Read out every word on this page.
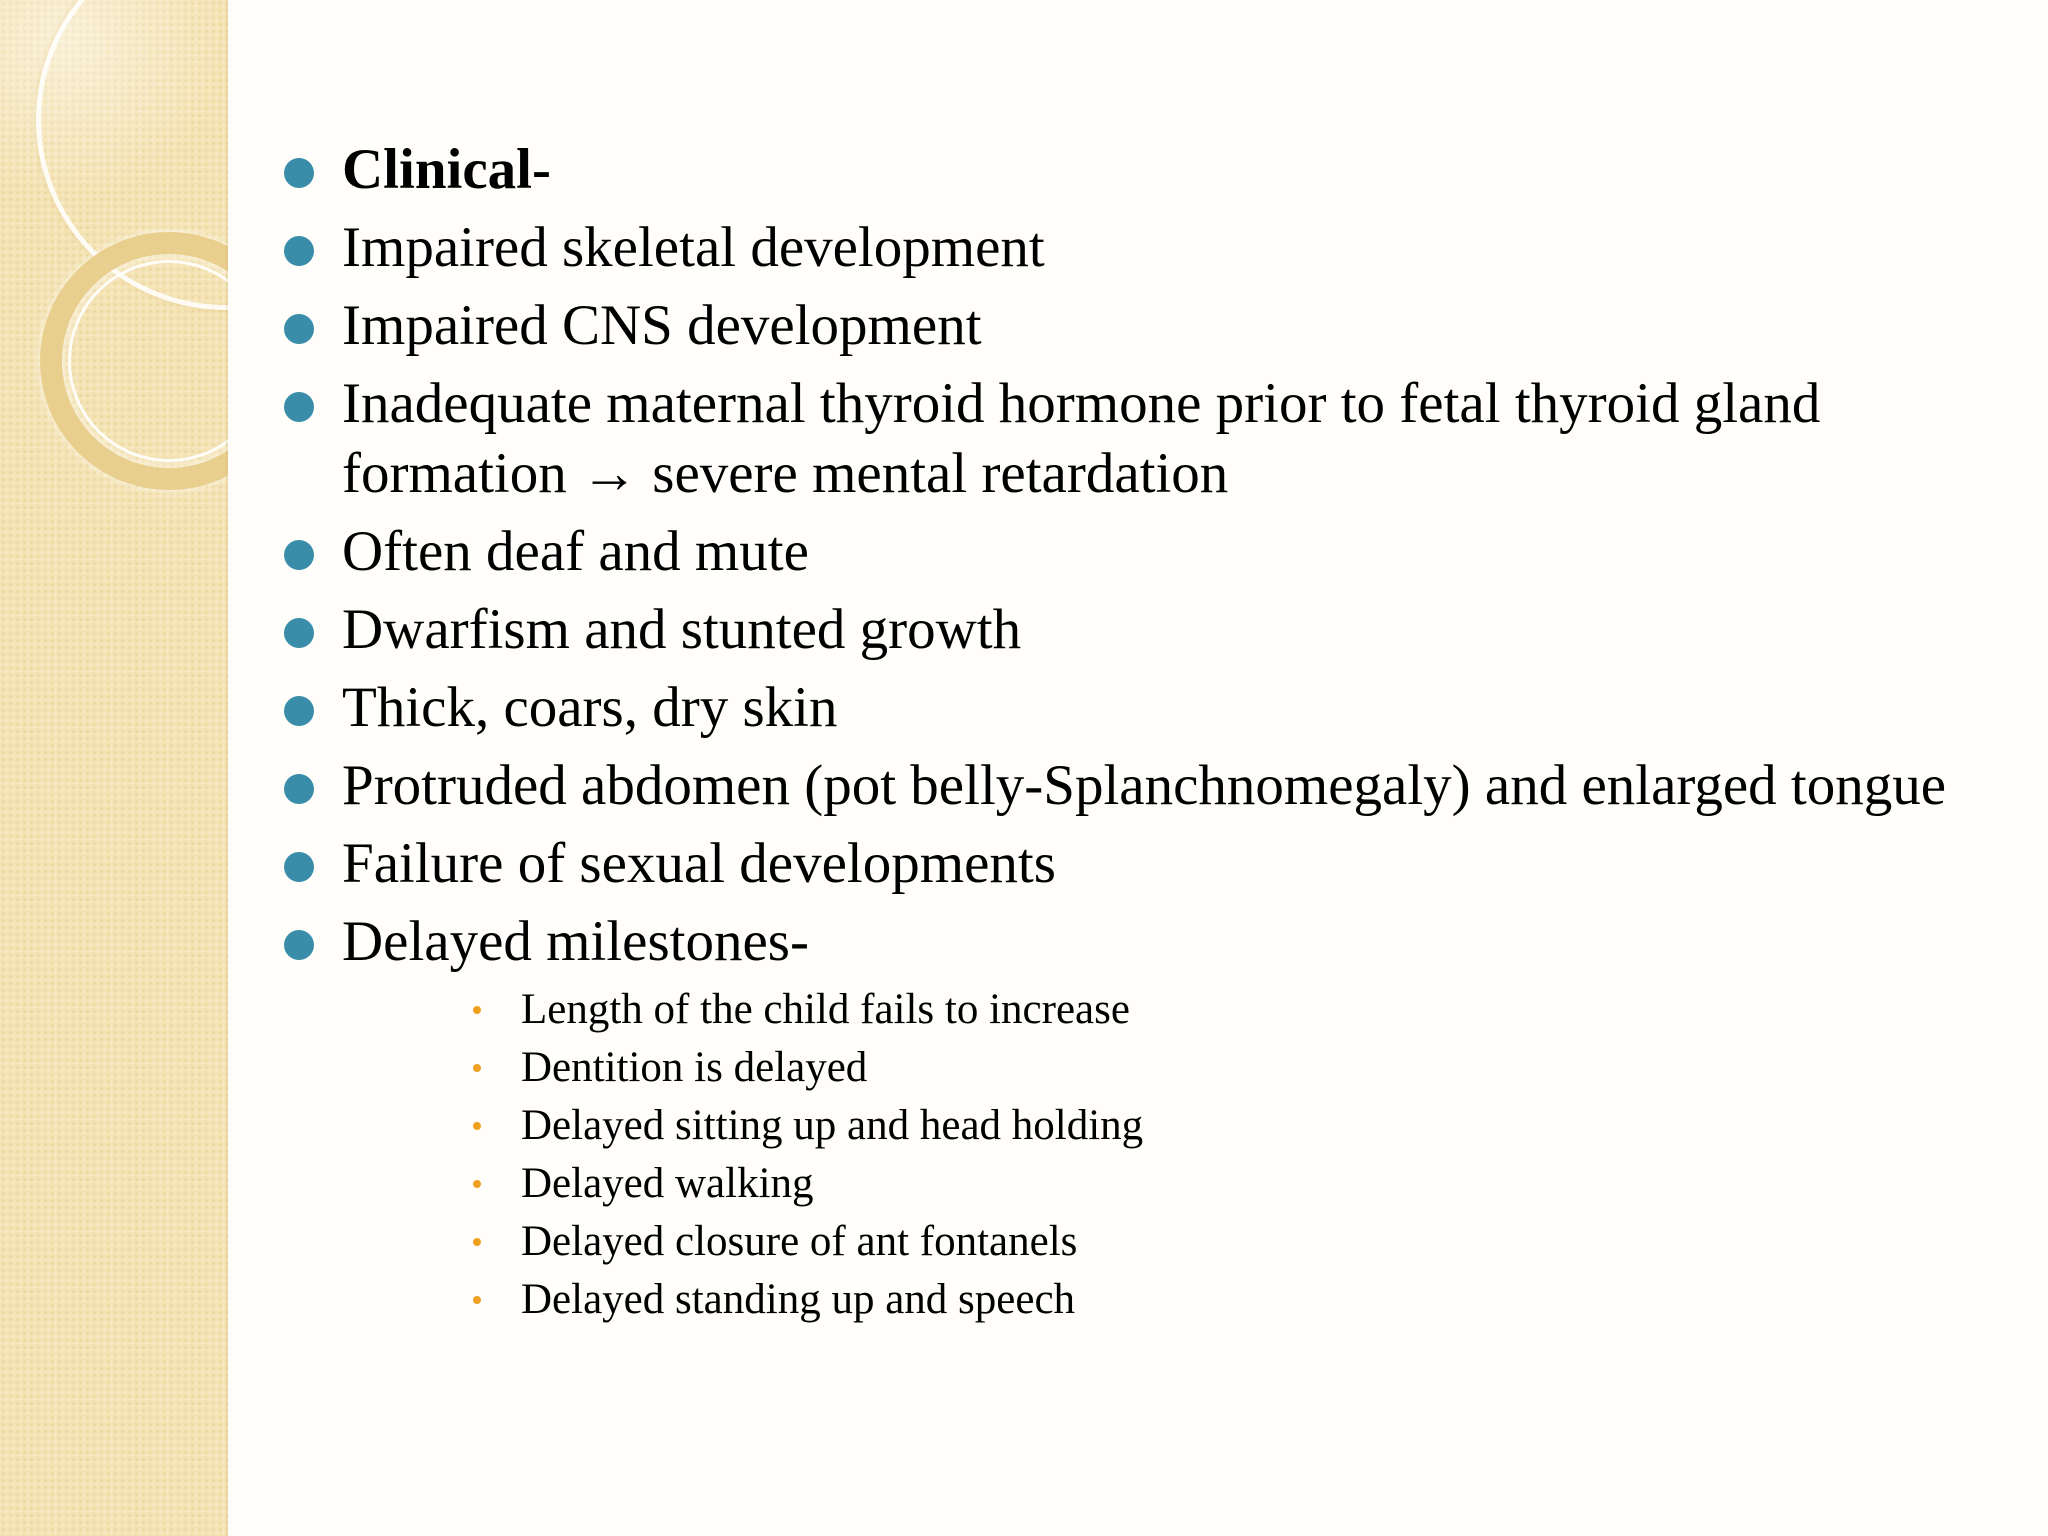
Clinical-
Impaired skeletal development
Impaired CNS development
Inadequate maternal thyroid hormone prior to fetal thyroid gland formation → severe mental retardation
Often deaf and mute
Dwarfism and stunted growth
Thick, coars, dry skin
Protruded abdomen (pot belly-Splanchnomegaly) and enlarged tongue
Failure of sexual developments
Delayed milestones-
Length of the child fails to increase
Dentition is delayed
Delayed sitting up and head holding
Delayed walking
Delayed closure of ant fontanels
Delayed standing up and speech
